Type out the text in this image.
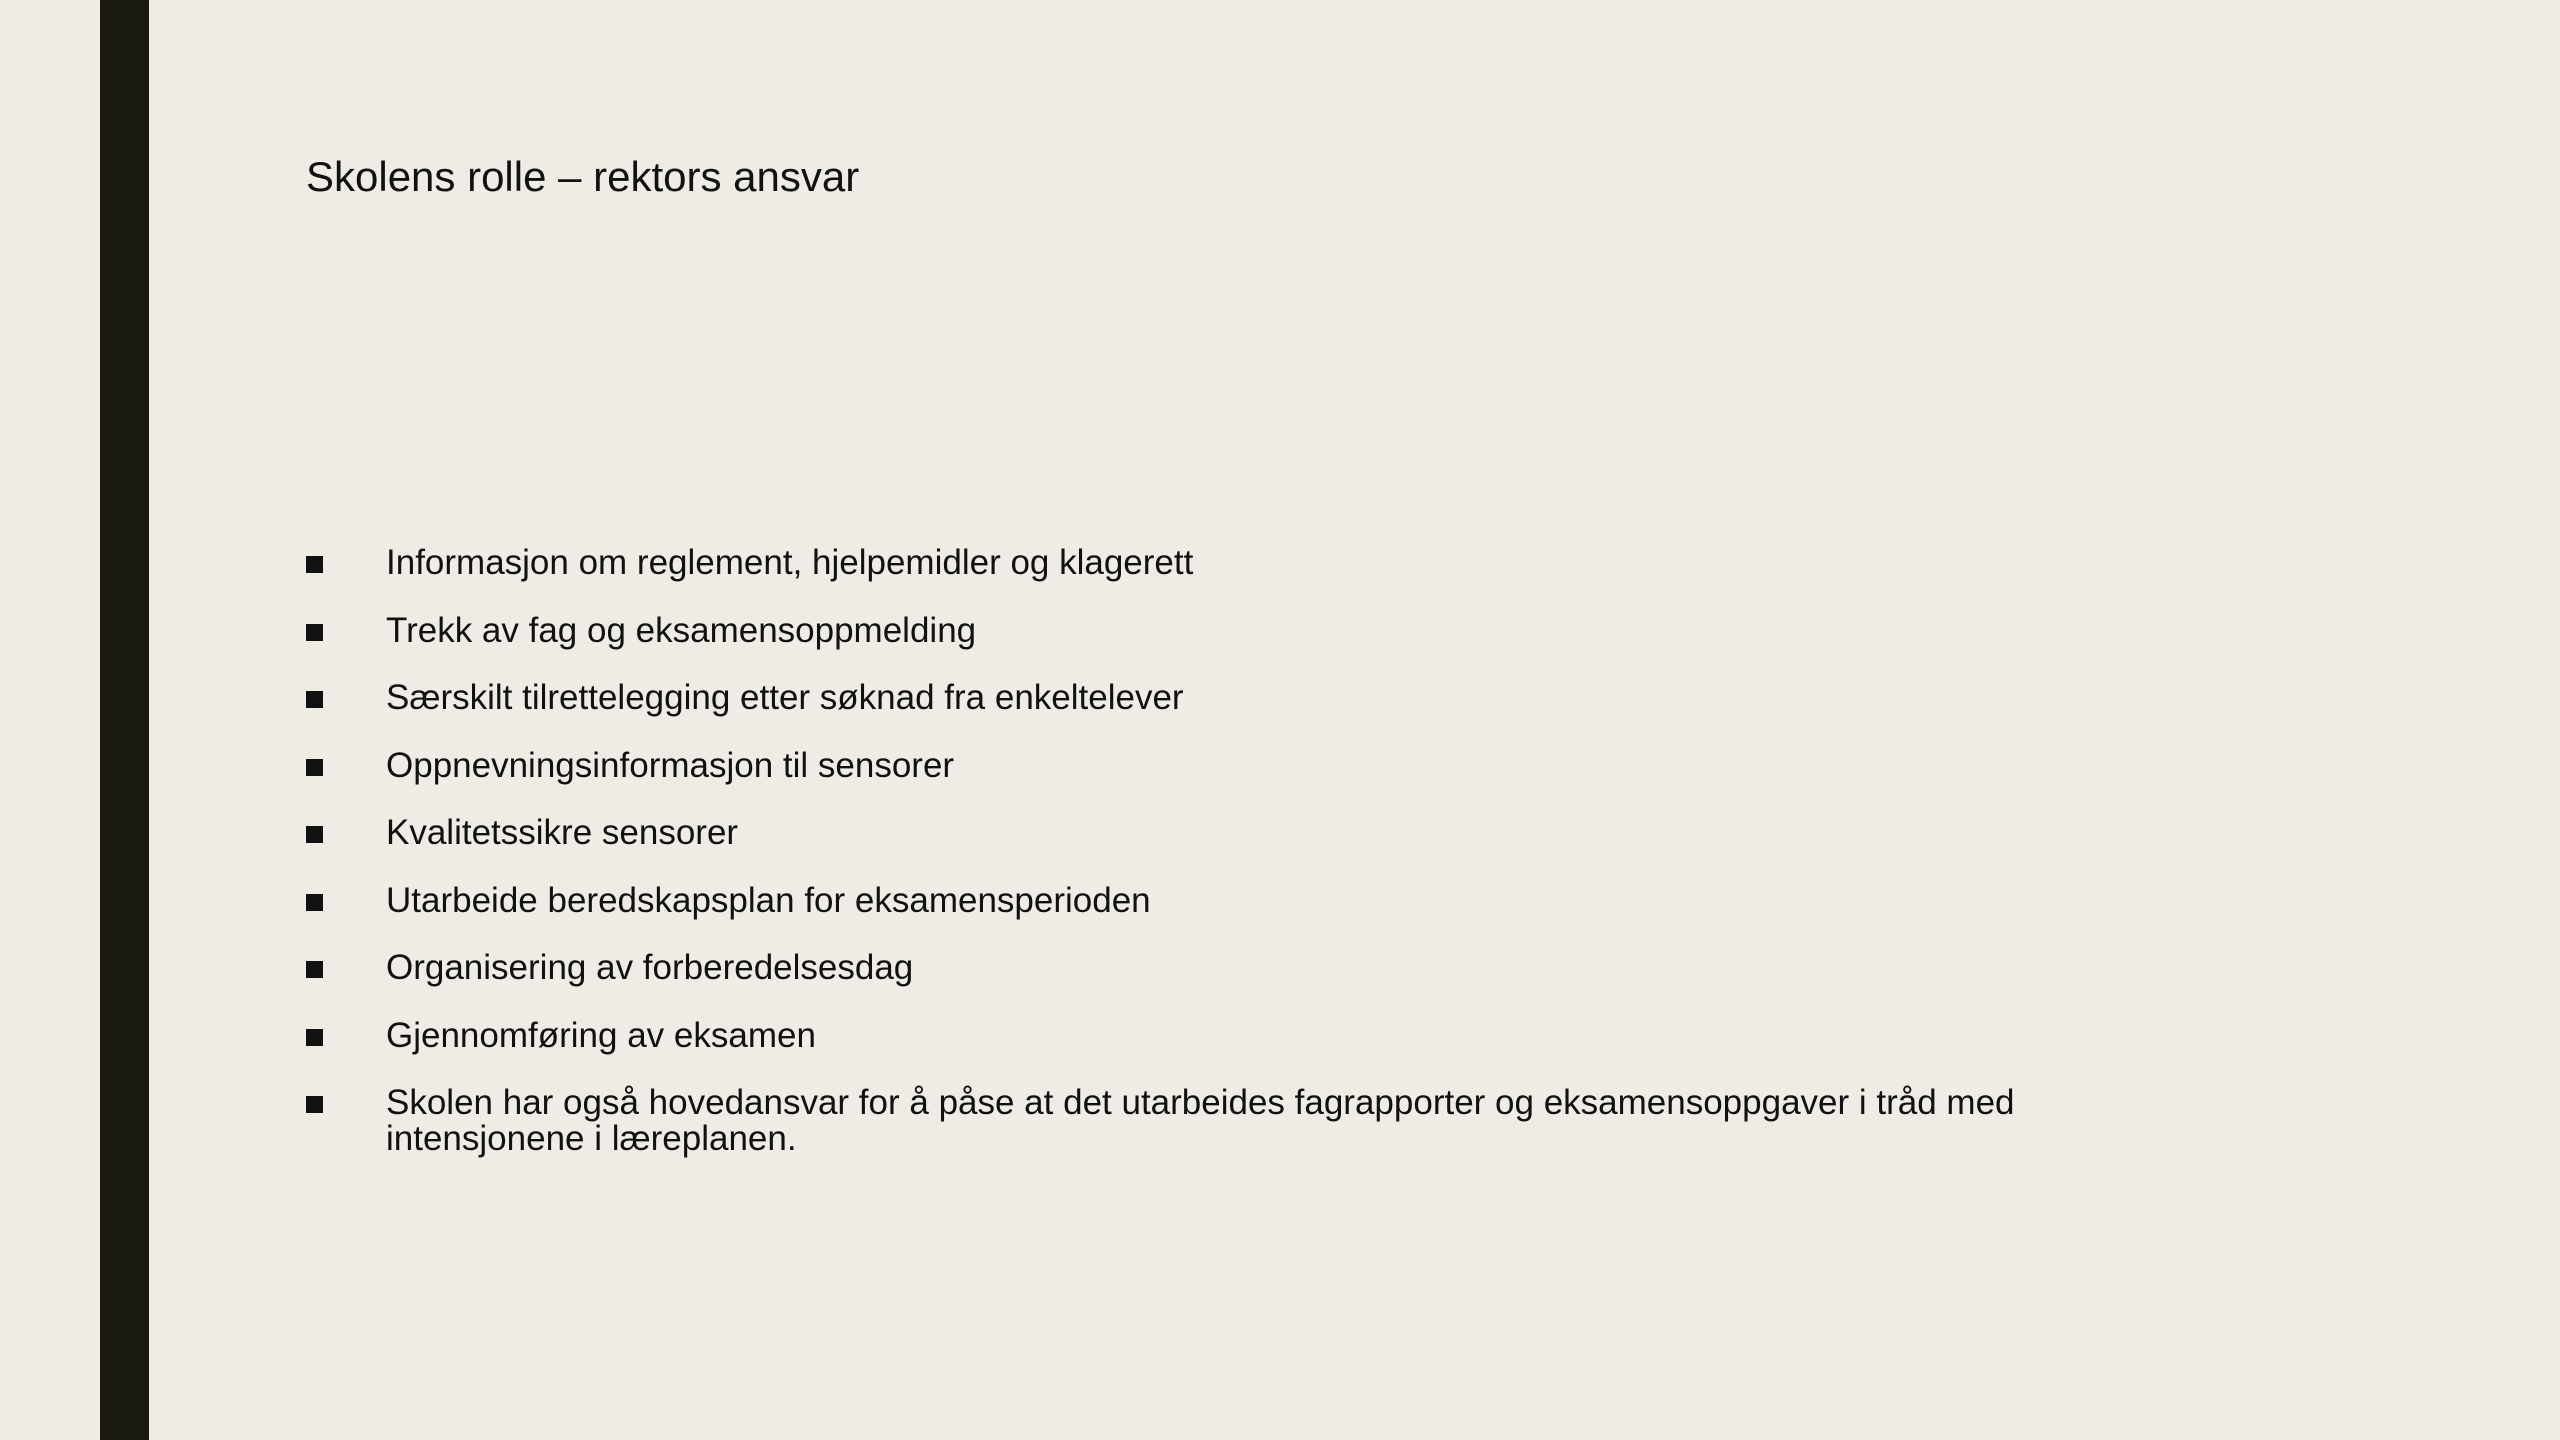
Skolens rolle – rektors ansvar
Informasjon om reglement, hjelpemidler og klagerett
Trekk av fag og eksamensoppmelding
Særskilt tilrettelegging etter søknad fra enkeltelever
Oppnevningsinformasjon til sensorer
Kvalitetssikre sensorer
Utarbeide beredskapsplan for eksamensperioden
Organisering av forberedelsesdag
Gjennomføring av eksamen
Skolen har også hovedansvar for å påse at det utarbeides fagrapporter og eksamensoppgaver i tråd med intensjonene i læreplanen.
